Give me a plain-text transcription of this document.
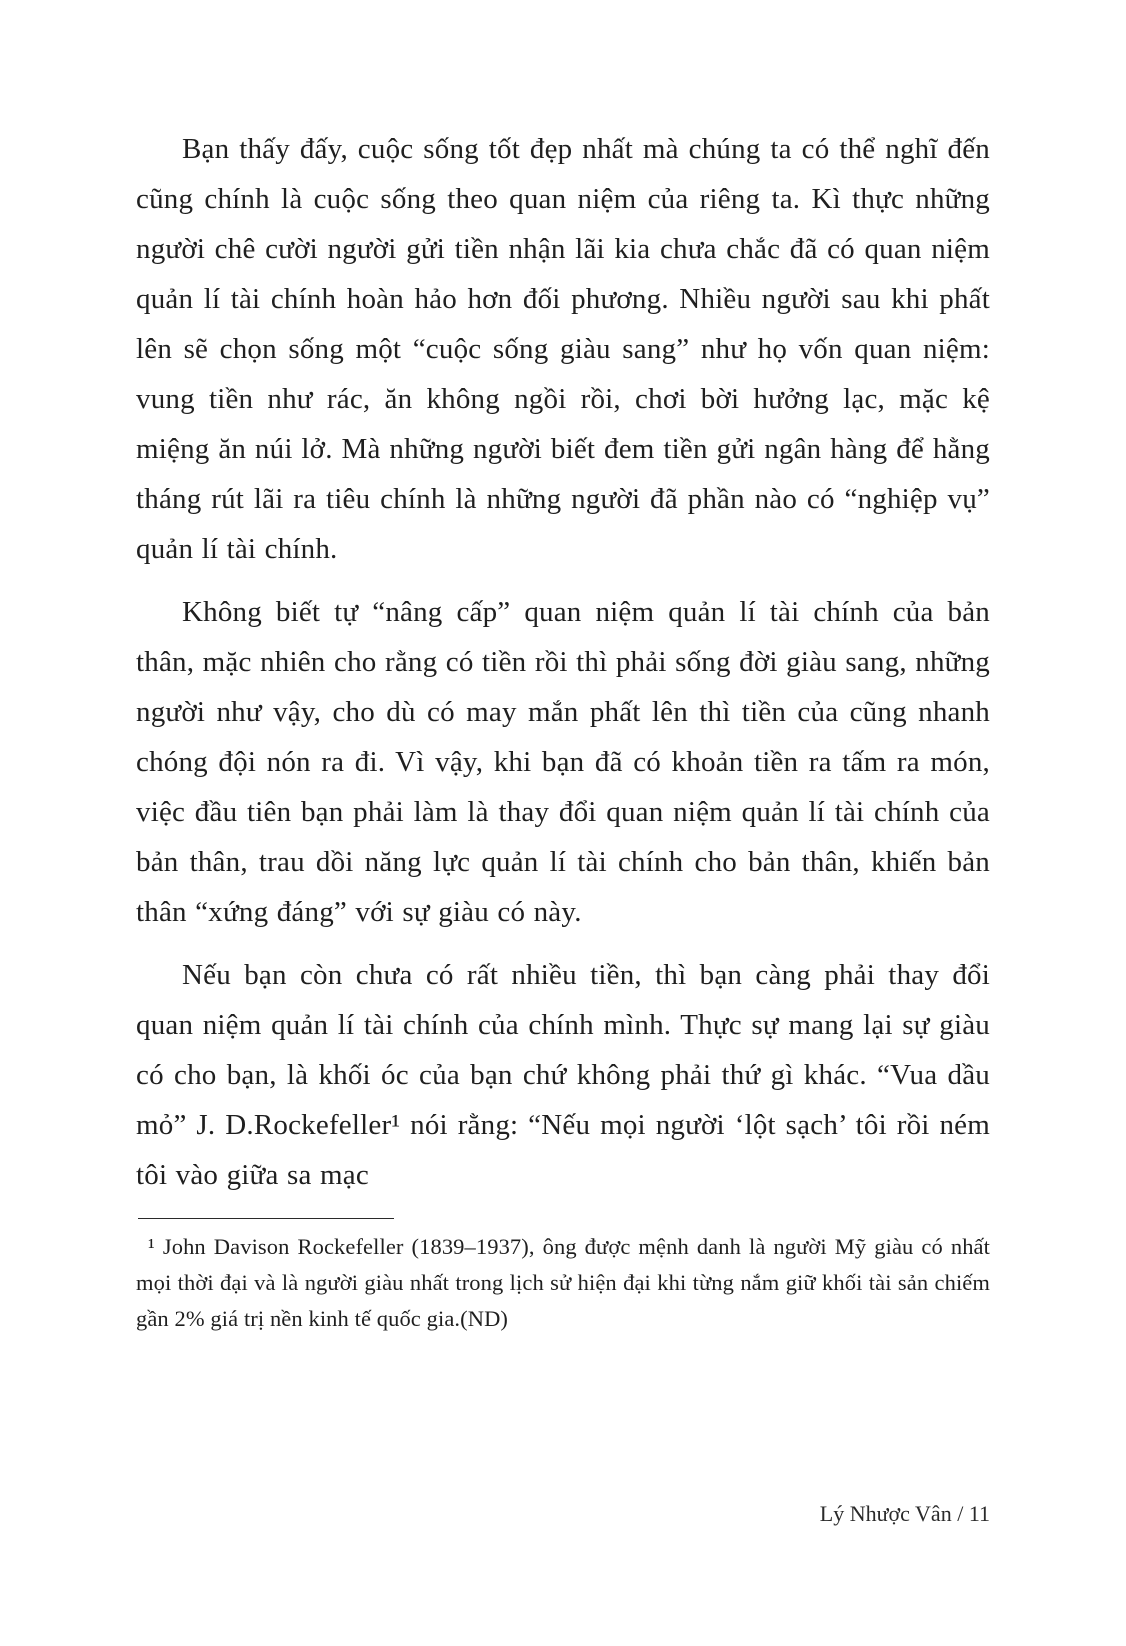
Bạn thấy đấy, cuộc sống tốt đẹp nhất mà chúng ta có thể nghĩ đến cũng chính là cuộc sống theo quan niệm của riêng ta. Kì thực những người chê cười người gửi tiền nhận lãi kia chưa chắc đã có quan niệm quản lí tài chính hoàn hảo hơn đối phương. Nhiều người sau khi phất lên sẽ chọn sống một “cuộc sống giàu sang” như họ vốn quan niệm: vung tiền như rác, ăn không ngồi rồi, chơi bời hưởng lạc, mặc kệ miệng ăn núi lở. Mà những người biết đem tiền gửi ngân hàng để hằng tháng rút lãi ra tiêu chính là những người đã phần nào có “nghiệp vụ” quản lí tài chính.

Không biết tự “nâng cấp” quan niệm quản lí tài chính của bản thân, mặc nhiên cho rằng có tiền rồi thì phải sống đời giàu sang, những người như vậy, cho dù có may mắn phất lên thì tiền của cũng nhanh chóng đội nón ra đi. Vì vậy, khi bạn đã có khoản tiền ra tấm ra món, việc đầu tiên bạn phải làm là thay đổi quan niệm quản lí tài chính của bản thân, trau dồi năng lực quản lí tài chính cho bản thân, khiến bản thân “xứng đáng” với sự giàu có này.

Nếu bạn còn chưa có rất nhiều tiền, thì bạn càng phải thay đổi quan niệm quản lí tài chính của chính mình. Thực sự mang lại sự giàu có cho bạn, là khối óc của bạn chứ không phải thứ gì khác. “Vua dầu mỏ” J. D.Rockefeller¹ nói rằng: “Nếu mọi người ‘lột sạch’ tôi rồi ném tôi vào giữa sa mạc

¹ John Davison Rockefeller (1839–1937), ông được mệnh danh là người Mỹ giàu có nhất mọi thời đại và là người giàu nhất trong lịch sử hiện đại khi từng nắm giữ khối tài sản chiếm gần 2% giá trị nền kinh tế quốc gia.(ND)

Lý Nhược Vân / 11
